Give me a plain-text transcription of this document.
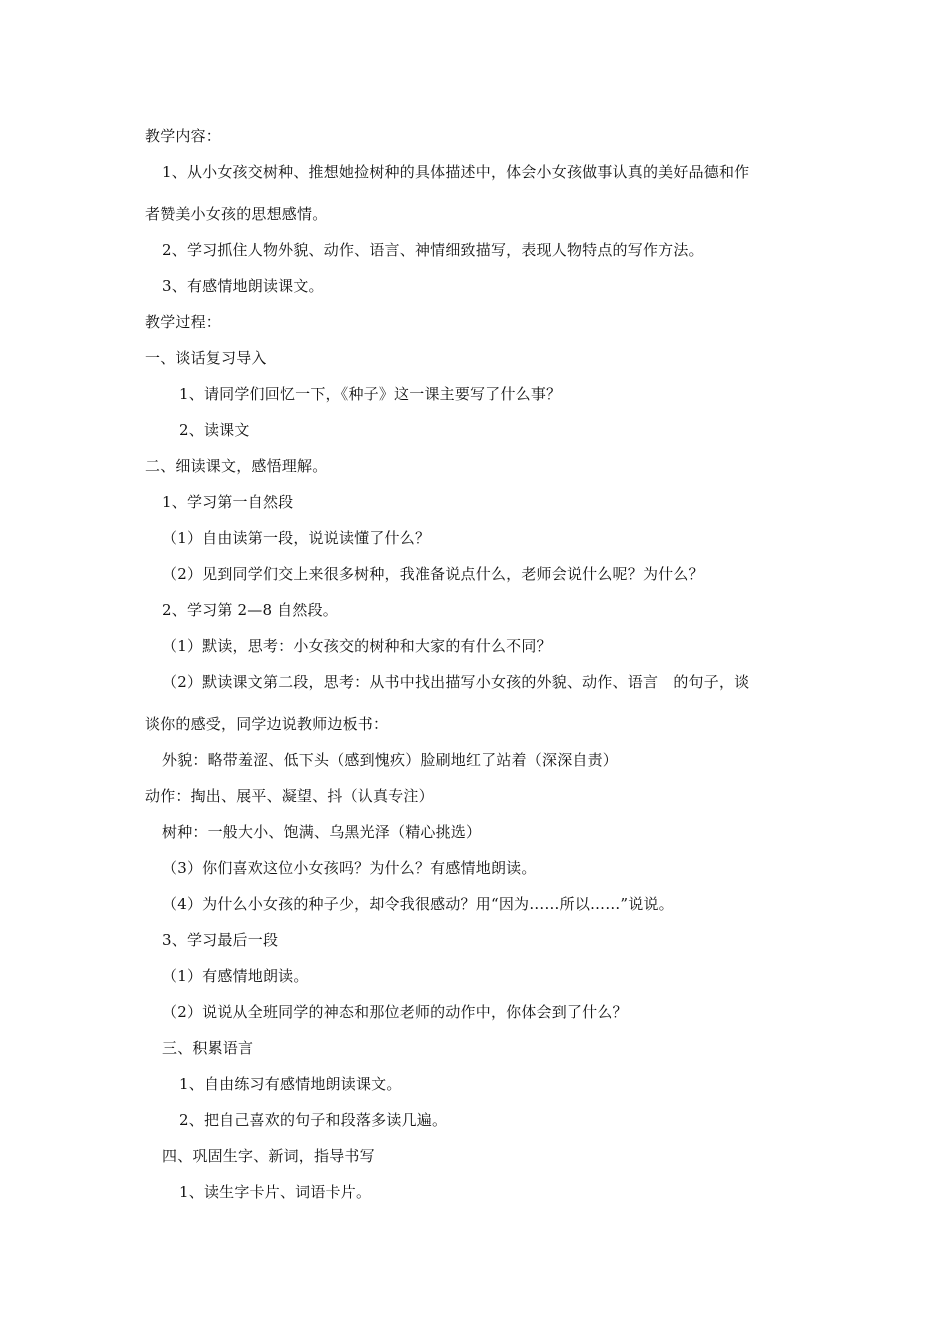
教学内容：
1、从小女孩交树种、推想她捡树种的具体描述中，体会小女孩做事认真的美好品德和作
者赞美小女孩的思想感情。
2、学习抓住人物外貌、动作、语言、神情细致描写，表现人物特点的写作方法。
3、有感情地朗读课文。
教学过程：
一、谈话复习导入
1、请同学们回忆一下，《种子》这一课主要写了什么事？
2、读课文
二、细读课文，感悟理解。
1、学习第一自然段
（1）自由读第一段，说说读懂了什么？
（2）见到同学们交上来很多树种，我准备说点什么，老师会说什么呢？为什么？
2、学习第 2—8 自然段。
（1）默读，思考：小女孩交的树种和大家的有什么不同？
（2）默读课文第二段，思考：从书中找出描写小女孩的外貌、动作、语言　的句子，谈
谈你的感受，同学边说教师边板书：
外貌：略带羞涩、低下头（感到愧疚）脸刷地红了站着（深深自责）
动作：掏出、展平、凝望、抖（认真专注）
树种：一般大小、饱满、乌黑光泽（精心挑选）
（3）你们喜欢这位小女孩吗？为什么？有感情地朗读。
（4）为什么小女孩的种子少，却令我很感动？用“因为……所以……”说说。
3、学习最后一段
（1）有感情地朗读。
（2）说说从全班同学的神态和那位老师的动作中，你体会到了什么？
三、积累语言
1、自由练习有感情地朗读课文。
2、把自己喜欢的句子和段落多读几遍。
四、巩固生字、新词，指导书写
1、读生字卡片、词语卡片。
